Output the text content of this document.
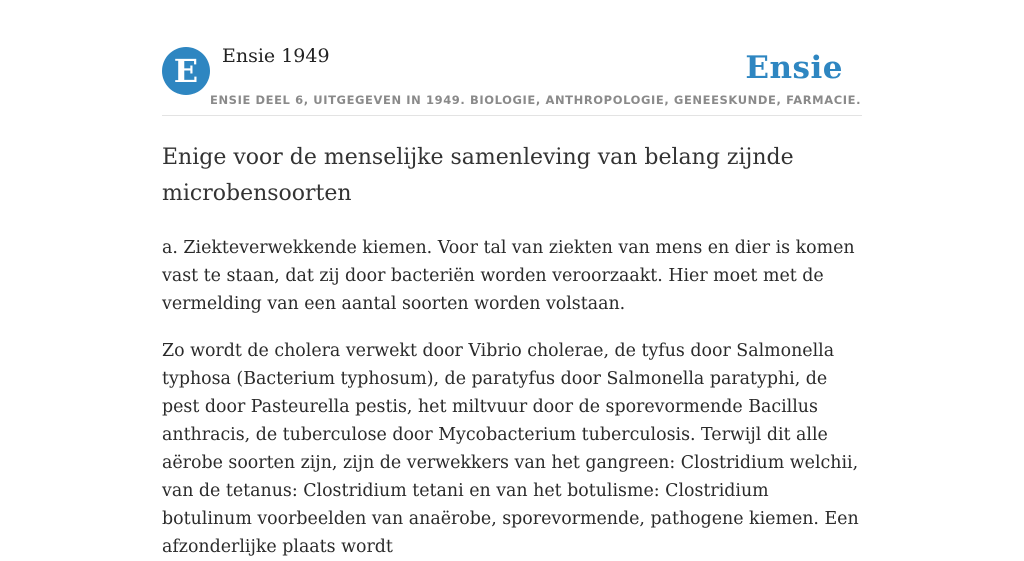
E	Ensie 1949	Ensie
ENSIE DEEL 6, UITGEGEVEN IN 1949. BIOLOGIE, ANTHROPOLOGIE, GENEESKUNDE, FARMACIE.
Enige voor de menselijke samenleving van belang zijnde microbensoorten

a. Ziekteverwekkende kiemen. Voor tal van ziekten van mens en dier is komen vast te staan, dat zij door bacteriën worden veroorzaakt. Hier moet met de vermelding van een aantal soorten worden volstaan.

Zo wordt de cholera verwekt door Vibrio cholerae, de tyfus door Salmonella typhosa (Bacterium typhosum), de paratyfus door Salmonella paratyphi, de pest door Pasteurella pestis, het miltvuur door de sporevormende Bacillus anthracis, de tuberculose door Mycobacterium tuberculosis. Terwijl dit alle aërobe soorten zijn, zijn de verwekkers van het gangreen: Clostridium welchii, van de tetanus: Clostridium tetani en van het botulisme: Clostridium botulinum voorbeelden van anaërobe, sporevormende, pathogene kiemen. Een afzonderlijke plaats wordt
